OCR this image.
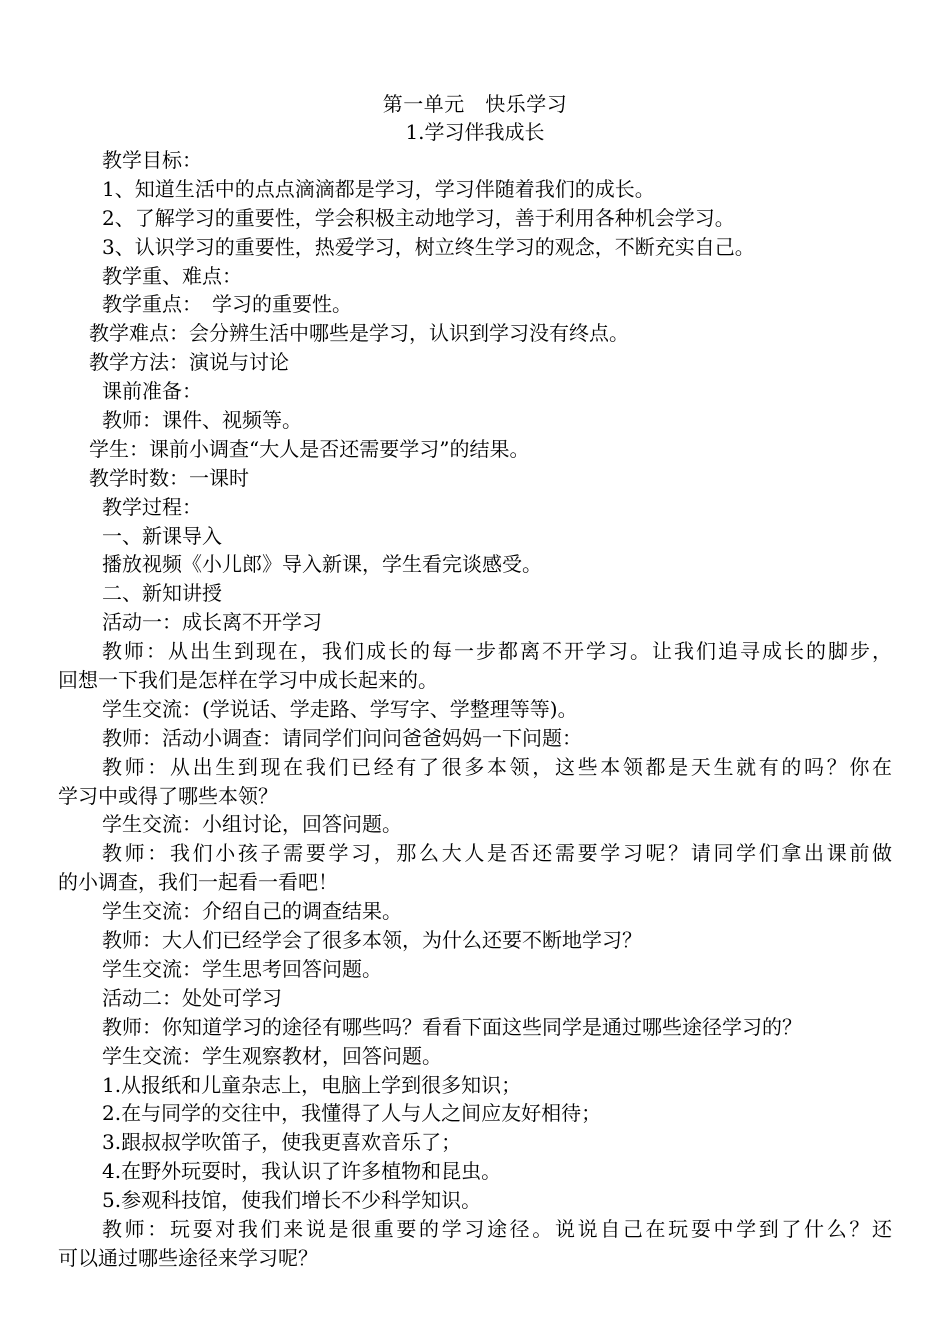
第一单元　快乐学习
1.学习伴我成长
教学目标：
1、知道生活中的点点滴滴都是学习，学习伴随着我们的成长。
2、了解学习的重要性，学会积极主动地学习，善于利用各种机会学习。
3、认识学习的重要性，热爱学习，树立终生学习的观念，不断充实自己。
教学重、难点：
教学重点：　学习的重要性。
教学难点：会分辨生活中哪些是学习，认识到学习没有终点。
教学方法：演说与讨论
课前准备：
教师：课件、视频等。
学生：课前小调查“大人是否还需要学习”的结果。
教学时数：一课时
教学过程：
一、新课导入
播放视频《小儿郎》导入新课，学生看完谈感受。
二、新知讲授
活动一：成长离不开学习
教师：从出生到现在，我们成长的每一步都离不开学习。让我们追寻成长的脚步，
回想一下我们是怎样在学习中成长起来的。
学生交流：(学说话、学走路、学写字、学整理等等)。
教师：活动小调查：请同学们问问爸爸妈妈一下问题：
教师：从出生到现在我们已经有了很多本领，这些本领都是天生就有的吗？你在
学习中或得了哪些本领？
学生交流：小组讨论，回答问题。
教师：我们小孩子需要学习，那么大人是否还需要学习呢？请同学们拿出课前做
的小调查，我们一起看一看吧！
学生交流：介绍自己的调查结果。
教师：大人们已经学会了很多本领，为什么还要不断地学习？
学生交流：学生思考回答问题。
活动二：处处可学习
教师：你知道学习的途径有哪些吗？看看下面这些同学是通过哪些途径学习的？
学生交流：学生观察教材，回答问题。
1.从报纸和儿童杂志上，电脑上学到很多知识；
2.在与同学的交往中，我懂得了人与人之间应友好相待；
3.跟叔叔学吹笛子，使我更喜欢音乐了；
4.在野外玩耍时，我认识了许多植物和昆虫。
5.参观科技馆，使我们增长不少科学知识。
教师：玩耍对我们来说是很重要的学习途径。说说自己在玩耍中学到了什么？还
可以通过哪些途径来学习呢？
